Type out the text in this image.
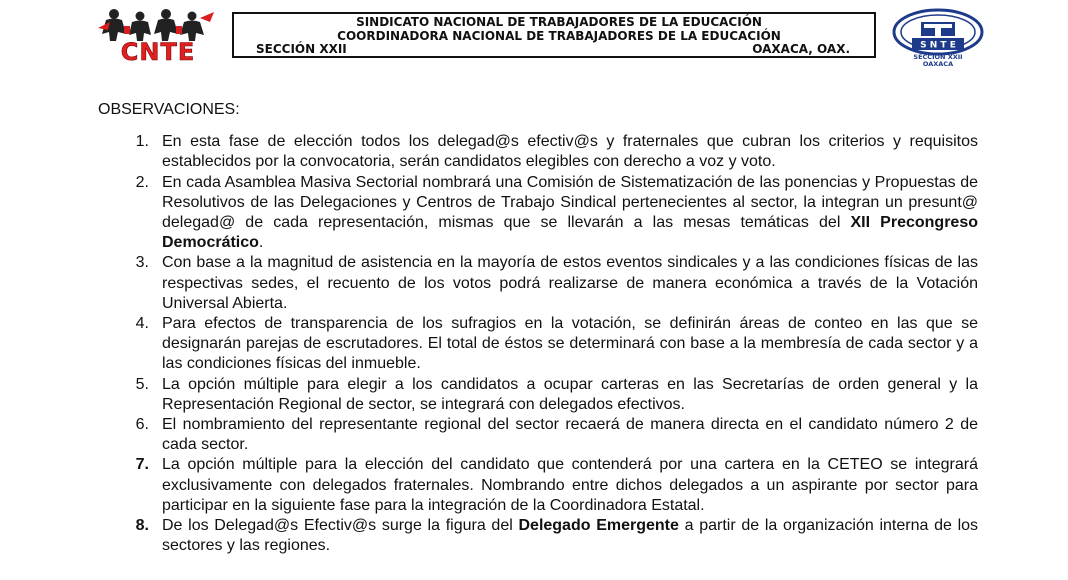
CNTE
SINDICATO NACIONAL DE TRABAJADORES DE LA EDUCACIÓN
COORDINADORA NACIONAL DE TRABAJADORES DE LA EDUCACIÓN
SECCIÓN XXII	OAXACA, OAX.	S N T E
SECCION XXII
OAXACA
OBSERVACIONES:
1. En esta fase de elección todos los delegad@s efectiv@s y fraternales que cubran los criterios y requisitos establecidos por la convocatoria, serán candidatos elegibles con derecho a voz y voto.
2. En cada Asamblea Masiva Sectorial nombrará una Comisión de Sistematización de las ponencias y Propuestas de Resolutivos de las Delegaciones y Centros de Trabajo Sindical pertenecientes al sector, la integran un presunt@ delegad@ de cada representación, mismas que se llevarán a las mesas temáticas del XII Precongreso Democrático.
3. Con base a la magnitud de asistencia en la mayoría de estos eventos sindicales y a las condiciones físicas de las respectivas sedes, el recuento de los votos podrá realizarse de manera económica a través de la Votación Universal Abierta.
4. Para efectos de transparencia de los sufragios en la votación, se definirán áreas de conteo en las que se designarán parejas de escrutadores. El total de éstos se determinará con base a la membresía de cada sector y a las condiciones físicas del inmueble.
5. La opción múltiple para elegir a los candidatos a ocupar carteras en las Secretarías de orden general y la Representación Regional de sector, se integrará con delegados efectivos.
6. El nombramiento del representante regional del sector recaerá de manera directa en el candidato número 2 de cada sector.
7. La opción múltiple para la elección del candidato que contenderá por una cartera en la CETEO se integrará exclusivamente con delegados fraternales. Nombrando entre dichos delegados a un aspirante por sector para participar en la siguiente fase para la integración de la Coordinadora Estatal.
8. De los Delegad@s Efectiv@s surge la figura del Delegado Emergente a partir de la organización interna de los sectores y las regiones.
